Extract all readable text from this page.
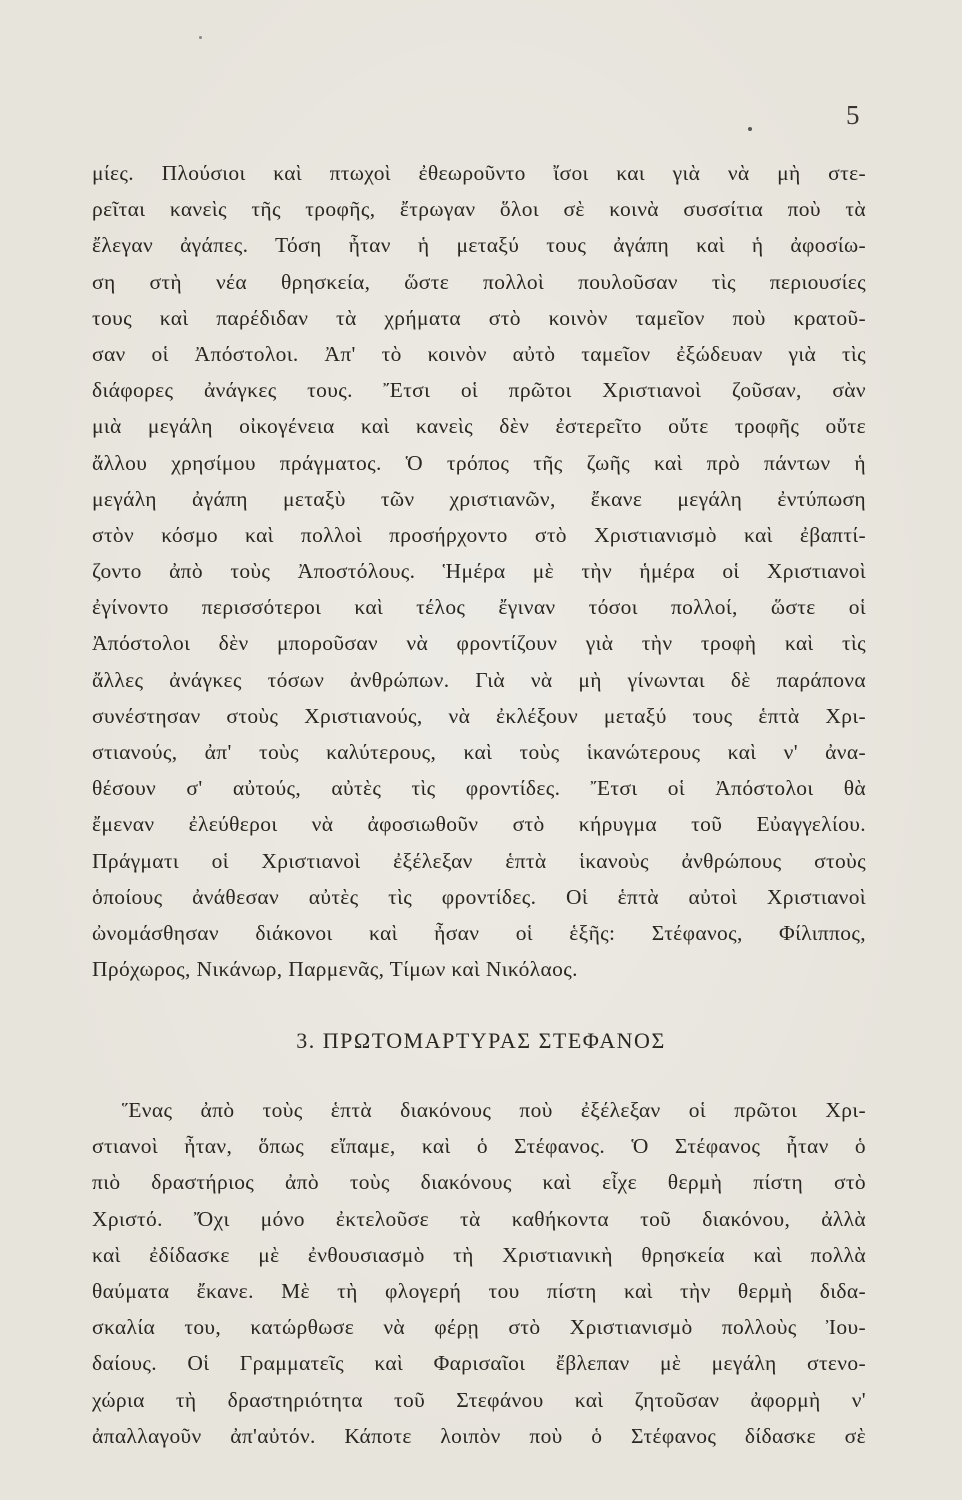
5
μίες. Πλούσιοι καὶ πτωχοὶ ἐθεωροῦντο ἴσοι και γιὰ νὰ μὴ στε-
ρεῖται κανεὶς τῆς τροφῆς, ἔτρωγαν ὅλοι σὲ κοινὰ συσσίτια ποὺ τὰ
ἔλεγαν ἀγάπες. Τόση ἦταν ἡ μεταξύ τους ἀγάπη καὶ ἡ ἀφοσίω-
ση στὴ νέα θρησκεία, ὥστε πολλοὶ πουλοῦσαν τὶς περιουσίες
τους καὶ παρέδιδαν τὰ χρήματα στὸ κοινὸν ταμεῖον ποὺ κρατοῦ-
σαν οἱ Ἀπόστολοι. Ἀπ' τὸ κοινὸν αὐτὸ ταμεῖον ἐξώδευαν γιὰ τὶς
διάφορες ἀνάγκες τους. Ἔτσι οἱ πρῶτοι Χριστιανοὶ ζοῦσαν, σὰν
μιὰ μεγάλη οἰκογένεια καὶ κανεὶς δὲν ἐστερεῖτο οὔτε τροφῆς οὔτε
ἄλλου χρησίμου πράγματος. Ὁ τρόπος τῆς ζωῆς καὶ πρὸ πάντων ἡ
μεγάλη ἀγάπη μεταξὺ τῶν χριστιανῶν, ἔκανε μεγάλη ἐντύπωση
στὸν κόσμο καὶ πολλοὶ προσήρχοντο στὸ Χριστιανισμὸ καὶ ἐβαπτί-
ζοντο ἀπὸ τοὺς Ἀποστόλους. Ἡμέρα μὲ τὴν ἡμέρα οἱ Χριστιανοὶ
ἐγίνοντο περισσότεροι καὶ τέλος ἔγιναν τόσοι πολλοί, ὥστε οἱ
Ἀπόστολοι δὲν μποροῦσαν νὰ φροντίζουν γιὰ τὴν τροφὴ καὶ τὶς
ἄλλες ἀνάγκες τόσων ἀνθρώπων. Γιὰ νὰ μὴ γίνωνται δὲ παράπονα
συνέστησαν στοὺς Χριστιανούς, νὰ ἐκλέξουν μεταξύ τους ἑπτὰ Χρι-
στιανούς, ἀπ' τοὺς καλύτερους, καὶ τοὺς ἱκανώτερους καὶ ν' ἀνα-
θέσουν σ' αὐτούς, αὐτὲς τὶς φροντίδες. Ἔτσι οἱ Ἀπόστολοι θὰ
ἔμεναν ἐλεύθεροι νὰ ἀφοσιωθοῦν στὸ κήρυγμα τοῦ Εὐαγγελίου.
Πράγματι οἱ Χριστιανοὶ ἐξέλεξαν ἑπτὰ ἱκανοὺς ἀνθρώπους στοὺς
ὁποίους ἀνάθεσαν αὐτὲς τὶς φροντίδες. Οἱ ἑπτὰ αὐτοὶ Χριστιανοὶ
ὠνομάσθησαν διάκονοι καὶ ἦσαν οἱ ἑξῆς: Στέφανος, Φίλιππος,
Πρόχωρος, Νικάνωρ, Παρμενᾶς, Τίμων καὶ Νικόλαος.
3. ΠΡΩΤΟΜΑΡΤΥΡΑΣ ΣΤΕΦΑΝΟΣ
Ἕνας ἀπὸ τοὺς ἑπτὰ διακόνους ποὺ ἐξέλεξαν οἱ πρῶτοι Χρι-
στιανοὶ ἦταν, ὅπως εἴπαμε, καὶ ὁ Στέφανος. Ὁ Στέφανος ἦταν ὁ
πιὸ δραστήριος ἀπὸ τοὺς διακόνους καὶ εἶχε θερμὴ πίστη στὸ
Χριστό. Ὄχι μόνο ἐκτελοῦσε τὰ καθήκοντα τοῦ διακόνου, ἀλλὰ
καὶ ἐδίδασκε μὲ ἐνθουσιασμὸ τὴ Χριστιανικὴ θρησκεία καὶ πολλὰ
θαύματα ἔκανε. Μὲ τὴ φλογερή του πίστη καὶ τὴν θερμὴ διδα-
σκαλία του, κατώρθωσε νὰ φέρῃ στὸ Χριστιανισμὸ πολλοὺς Ἰου-
δαίους. Οἱ Γραμματεῖς καὶ Φαρισαῖοι ἔβλεπαν μὲ μεγάλη στενο-
χώρια τὴ δραστηριότητα τοῦ Στεφάνου καὶ ζητοῦσαν ἀφορμὴ ν'
ἀπαλλαγοῦν ἀπ'αὐτόν. Κάποτε λοιπὸν ποὺ ὁ Στέφανος δίδασκε σὲ
